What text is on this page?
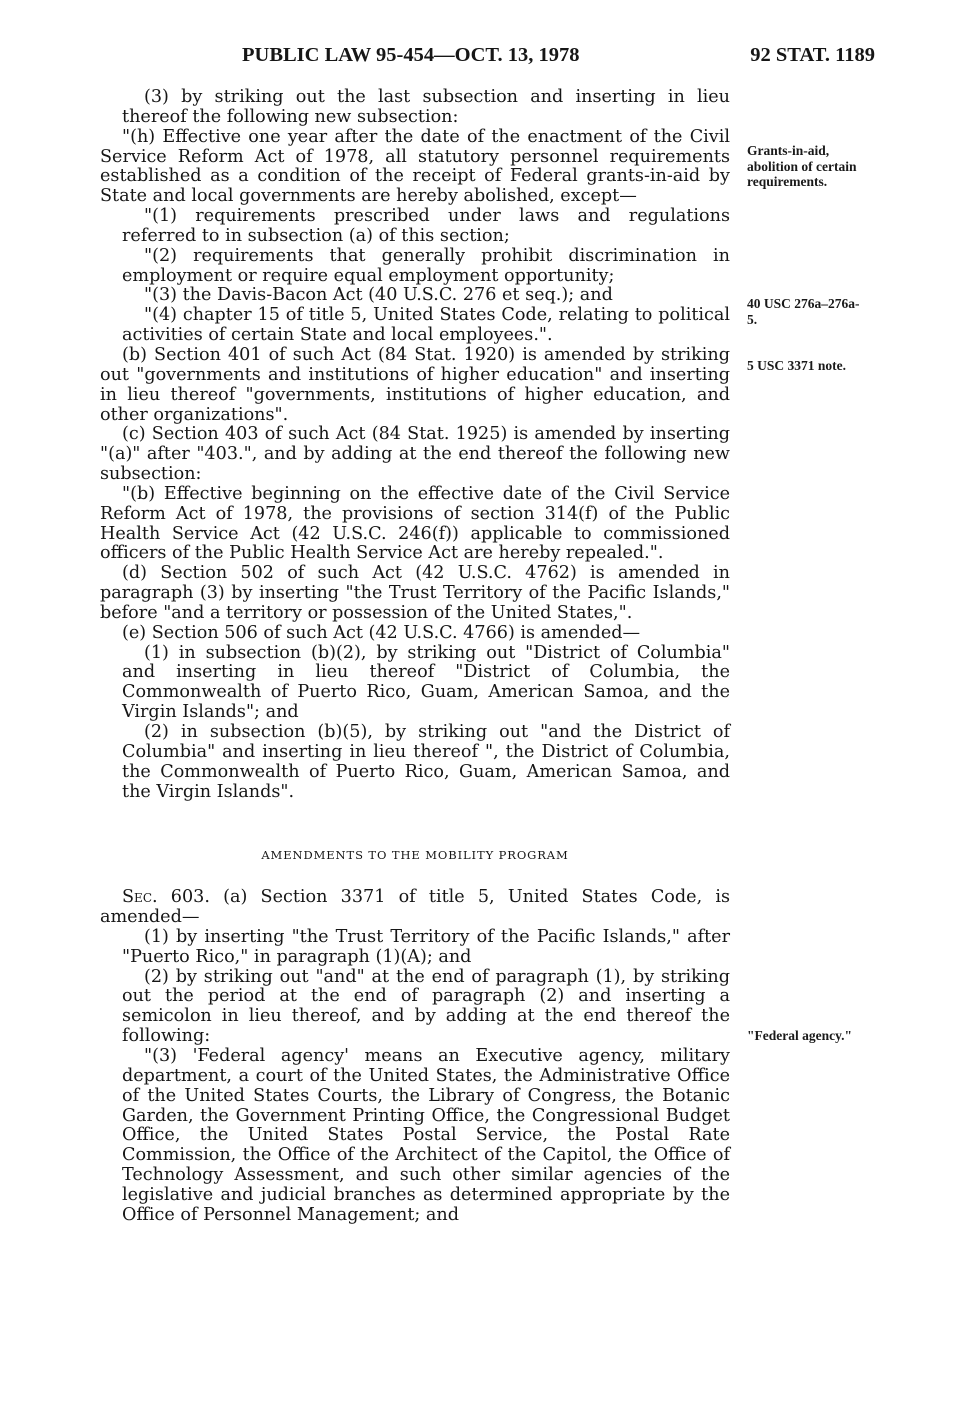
PUBLIC LAW 95-454—OCT. 13, 1978	92 STAT. 1189

(3) by striking out the last subsection and inserting in lieu thereof the following new subsection:

"(h) Effective one year after the date of the enactment of the Civil Service Reform Act of 1978, all statutory personnel requirements established as a condition of the receipt of Federal grants-in-aid by State and local governments are hereby abolished, except—

"(1) requirements prescribed under laws and regulations referred to in subsection (a) of this section;

"(2) requirements that generally prohibit discrimination in employment or require equal employment opportunity;

"(3) the Davis-Bacon Act (40 U.S.C. 276 et seq.); and

"(4) chapter 15 of title 5, United States Code, relating to political activities of certain State and local employees.".

(b) Section 401 of such Act (84 Stat. 1920) is amended by striking out "governments and institutions of higher education" and inserting in lieu thereof "governments, institutions of higher education, and other organizations".

(c) Section 403 of such Act (84 Stat. 1925) is amended by inserting "(a)" after "403.", and by adding at the end thereof the following new subsection:

"(b) Effective beginning on the effective date of the Civil Service Reform Act of 1978, the provisions of section 314(f) of the Public Health Service Act (42 U.S.C. 246(f)) applicable to commissioned officers of the Public Health Service Act are hereby repealed.".

(d) Section 502 of such Act (42 U.S.C. 4762) is amended in paragraph (3) by inserting "the Trust Territory of the Pacific Islands," before "and a territory or possession of the United States,".

(e) Section 506 of such Act (42 U.S.C. 4766) is amended—

(1) in subsection (b)(2), by striking out "District of Columbia" and inserting in lieu thereof "District of Columbia, the Commonwealth of Puerto Rico, Guam, American Samoa, and the Virgin Islands"; and

(2) in subsection (b)(5), by striking out "and the District of Columbia" and inserting in lieu thereof ", the District of Columbia, the Commonwealth of Puerto Rico, Guam, American Samoa, and the Virgin Islands".

AMENDMENTS TO THE MOBILITY PROGRAM

Sec. 603. (a) Section 3371 of title 5, United States Code, is amended—

(1) by inserting "the Trust Territory of the Pacific Islands," after "Puerto Rico," in paragraph (1)(A); and

(2) by striking out "and" at the end of paragraph (1), by striking out the period at the end of paragraph (2) and inserting a semicolon in lieu thereof, and by adding at the end thereof the following:

"(3) 'Federal agency' means an Executive agency, military department, a court of the United States, the Administrative Office of the United States Courts, the Library of Congress, the Botanic Garden, the Government Printing Office, the Congressional Budget Office, the United States Postal Service, the Postal Rate Commission, the Office of the Architect of the Capitol, the Office of Technology Assessment, and such other similar agencies of the legislative and judicial branches as determined appropriate by the Office of Personnel Management; and

Grants-in-aid, abolition of certain requirements.
40 USC 276a–276a-5.
5 USC 3371 note.
"Federal agency."
